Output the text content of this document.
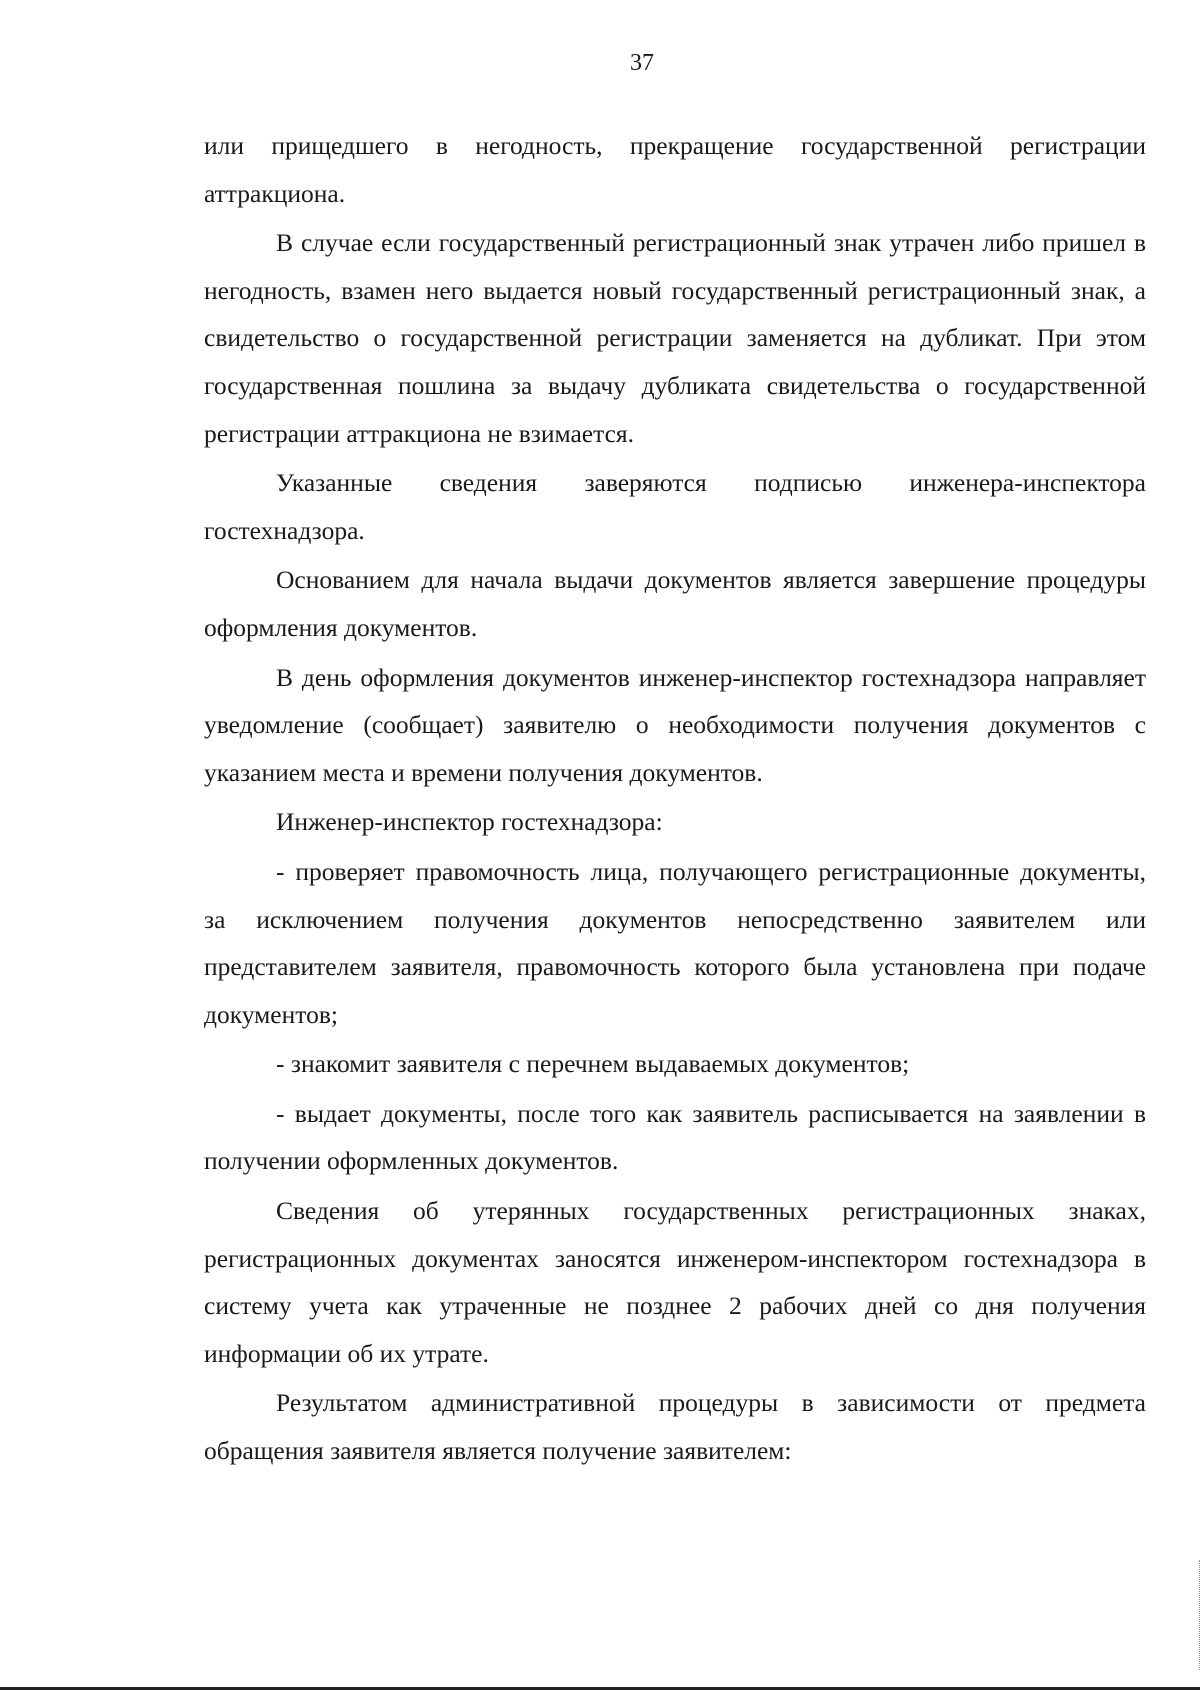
37

или прищедшего в негодность, прекращение государственной регистрации аттракциона.

В случае если государственный регистрационный знак утрачен либо пришел в негодность, взамен него выдается новый государственный регистрационный знак, а свидетельство о государственной регистрации заменяется на дубликат. При этом государственная пошлина за выдачу дубликата свидетельства о государственной регистрации аттракциона не взимается.

Указанные сведения заверяются подписью инженера-инспектора гостехнадзора.

Основанием для начала выдачи документов является завершение процедуры оформления документов.

В день оформления документов инженер-инспектор гостехнадзора направляет уведомление (сообщает) заявителю о необходимости получения документов с указанием места и времени получения документов.

Инженер-инспектор гостехнадзора:

- проверяет правомочность лица, получающего регистрационные документы, за исключением получения документов непосредственно заявителем или представителем заявителя, правомочность которого была установлена при подаче документов;

- знакомит заявителя с перечнем выдаваемых документов;

- выдает документы, после того как заявитель расписывается на заявлении в получении оформленных документов.

Сведения об утерянных государственных регистрационных знаках, регистрационных документах заносятся инженером-инспектором гостехнадзора в систему учета как утраченные не позднее 2 рабочих дней со дня получения информации об их утрате.

Результатом административной процедуры в зависимости от предмета обращения заявителя является получение заявителем:
